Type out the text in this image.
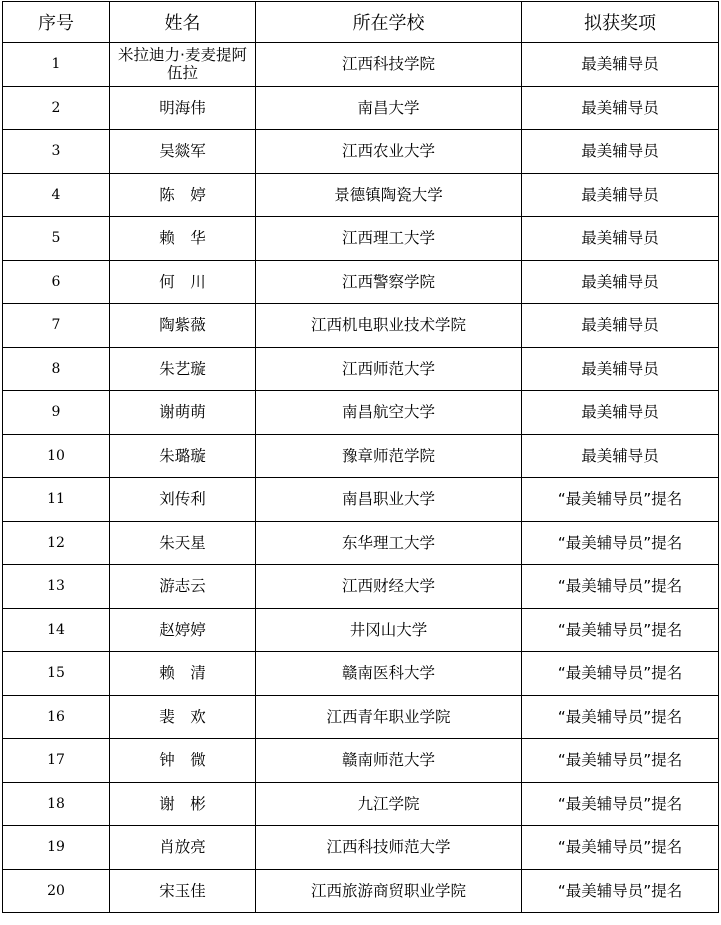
序号	姓名	所在学校	拟获奖项
1	米拉迪力·麦麦提阿伍拉	江西科技学院	最美辅导员
2	明海伟	南昌大学	最美辅导员
3	吴燚军	江西农业大学	最美辅导员
4	陈　婷	景德镇陶瓷大学	最美辅导员
5	赖　华	江西理工大学	最美辅导员
6	何　川	江西警察学院	最美辅导员
7	陶紫薇	江西机电职业技术学院	最美辅导员
8	朱艺璇	江西师范大学	最美辅导员
9	谢萌萌	南昌航空大学	最美辅导员
10	朱璐璇	豫章师范学院	最美辅导员
11	刘传利	南昌职业大学	“最美辅导员”提名
12	朱天星	东华理工大学	“最美辅导员”提名
13	游志云	江西财经大学	“最美辅导员”提名
14	赵婷婷	井冈山大学	“最美辅导员”提名
15	赖　清	赣南医科大学	“最美辅导员”提名
16	裴　欢	江西青年职业学院	“最美辅导员”提名
17	钟　微	赣南师范大学	“最美辅导员”提名
18	谢　彬	九江学院	“最美辅导员”提名
19	肖放亮	江西科技师范大学	“最美辅导员”提名
20	宋玉佳	江西旅游商贸职业学院	“最美辅导员”提名
